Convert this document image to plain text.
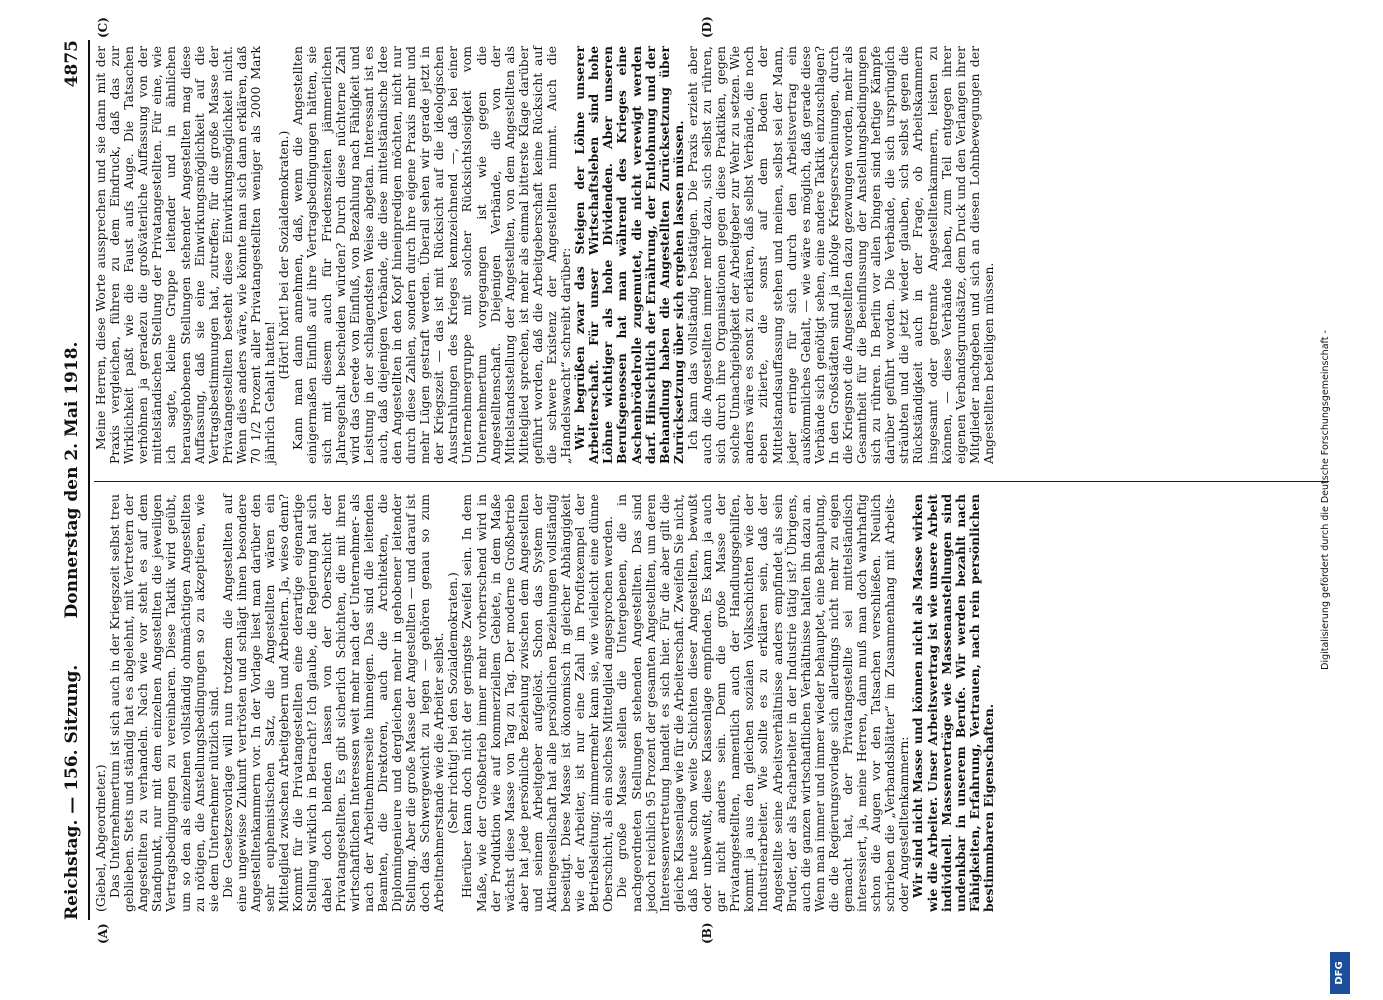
Reichstag. — 156. Sitzung.
Donnerstag den 2. Mai 1918.
4875
(A)	(B)
(C)	(D)

(Giebel, Abgeordneter.) Das Unternehmertum ist sich auch in der Kriegszeit selbst treu geblieben. Stets und ständig hat es abgelehnt, mit Vertretern der Angestellten zu verhandeln. Nach wie vor steht es auf dem Standpunkt, nur mit dem einzelnen Angestellten die jeweiligen Vertragsbedingungen zu vereinbaren. Diese Taktik wird geübt, um so den als einzelnen vollständig ohnmächtigen Angestellten zu nötigen, die Anstellungsbedingungen so zu akzeptieren, wie sie dem Unternehmer nützlich sind. Die Gesetzesvorlage will nun trotzdem die Angestellten auf eine ungewisse Zukunft vertrösten und schlägt ihnen besondere Angestelltenkammern vor. In der Vorlage liest man darüber den sehr euphemistischen Satz, die Angestellten wären ein Mittelglied zwischen Arbeitgebern und Arbeitern. Ja, wieso denn? Kommt für die Privatangestellten eine derartige eigenartige Stellung wirklich in Betracht? Ich glaube, die Regierung hat sich dabei doch blenden lassen von der Oberschicht der Privatangestellten. Es gibt sicherlich Schichten, die mit ihren wirtschaftlichen Interessen weit mehr nach der Unternehmer- als nach der Arbeitnehmerseite hinneigen. Das sind die leitenden Beamten, die Direktoren, auch die Architekten, die Diplomingenieure und dergleichen mehr in gehobener leitender Stellung. Aber die große Masse der Angestellten — und darauf ist doch das Schwergewicht zu legen — gehören genau so zum Arbeitnehmerstande wie die Arbeiter selbst. (Sehr richtig! bei den Sozialdemokraten.) Hierüber kann doch nicht der geringste Zweifel sein. In dem Maße, wie der Großbetrieb immer mehr vorherrschend wird in der Produktion wie auf kommerziellem Gebiete, in dem Maße wächst diese Masse von Tag zu Tag. Der moderne Großbetrieb aber hat jede persönliche Beziehung zwischen dem Angestellten und seinem Arbeitgeber aufgelöst. Schon das System der Aktiengesellschaft hat alle persönlichen Beziehungen vollständig beseitigt. Diese Masse ist ökonomisch in gleicher Abhängigkeit wie der Arbeiter, ist nur eine Zahl im Profitexempel der Betriebsleitung; nimmermehr kann sie, wie vielleicht eine dünne Oberschicht, als ein solches Mittelglied angesprochen werden. Die große Masse stellen die Untergebenen, die in nachgeordneten Stellungen stehenden Angestellten. Das sind jedoch reichlich 95 Prozent der gesamten Angestellten, um deren Interessenvertretung handelt es sich hier. Für die aber gilt die gleiche Klassenlage wie für die Arbeiterschaft. Zweifeln Sie nicht, daß heute schon weite Schichten dieser Angestellten, bewußt oder unbewußt, diese Klassenlage empfinden. Es kann ja auch gar nicht anders sein. Denn die große Masse der Privatangestellten, namentlich auch der Handlungsgehilfen, kommt ja aus den gleichen sozialen Volksschichten wie der Industriearbeiter. Wie sollte es zu erklären sein, daß der Angestellte seine Arbeitsverhältnisse anders empfindet als sein Bruder, der als Facharbeiter in der Industrie tätig ist? Übrigens, auch die ganzen wirtschaftlichen Verhältnisse halten ihn dazu an. Wenn man immer und immer wieder behauptet, eine Behauptung, die die Regierungsvorlage sich allerdings nicht mehr zu eigen gemacht hat, der Privatangestellte sei mittelständisch interessiert, ja, meine Herren, dann muß man doch wahrhaftig schon die Augen vor den Tatsachen verschließen. Neulich schrieben die „Verbandsblätter“ im Zusammenhang mit Arbeits- oder Angestelltenkammern: Wir sind nicht Masse und können nicht als Masse wirken wie die Arbeiter. Unser Arbeitsvertrag ist wie unsere Arbeit individuell. Massenverträge wie Massenanstellungen sind undenkbar in unserem Berufe. Wir werden bezahlt nach Fähigkeiten, Erfahrung, Vertrauen, nach rein persönlichen bestimmbaren Eigenschaften.

Meine Herren, diese Worte aussprechen und sie dann mit der Praxis vergleichen, führen zu dem Eindruck, daß das zur Wirklichkeit paßt wie die Faust aufs Auge. Die Tatsachen verhöhnen ja geradezu die großväterliche Auffassung von der mittelständischen Stellung der Privatangestellten. Für eine, wie ich sagte, kleine Gruppe leitender und in ähnlichen herausgehobenen Stellungen stehender Angestellten mag diese Auffassung, daß sie eine Einwirkungsmöglichkeit auf die Vertragsbestimmungen hat, zutreffen; für die große Masse der Privatangestellten besteht diese Einwirkungsmöglichkeit nicht. Wenn dies anders wäre, wie könnte man sich dann erklären, daß 70 1/2 Prozent aller Privatangestellten weniger als 2000 Mark jährlich Gehalt hatten!

(Hört! hört! bei der Sozialdemokraten.) Kann man dann annehmen, daß, wenn die Angestellten einigermaßen Einfluß auf ihre Vertragsbedingungen hätten, sie sich mit diesem auch für Friedenszeiten jämmerlichen Jahresgehalt bescheiden würden? Durch diese nüchterne Zahl wird das Gerede von Einfluß, von Bezahlung nach Fähigkeit und Leistung in der schlagendsten Weise abgetan. Interessant ist es auch, daß diejenigen Verbände, die diese mittelständische Idee den Angestellten in den Kopf hineinpredigen möchten, nicht nur durch diese Zahlen, sondern durch ihre eigene Praxis mehr und mehr Lügen gestraft werden. Überall sehen wir gerade jetzt in der Kriegszeit — das ist mit Rücksicht auf die ideologischen Ausstrahlungen des Krieges kennzeichnend —, daß bei einer Unternehmergruppe mit solcher Rücksichtslosigkeit vom Unternehmertum vorgegangen ist wie gegen die Angestelltenschaft. Diejenigen Verbände, die von der Mittelstandsstellung der Angestellten, von dem Angestellten als Mittelglied sprechen, ist mehr als einmal bitterste Klage darüber geführt worden, daß die Arbeitgeberschaft keine Rücksicht auf die schwere Existenz der Angestellten nimmt. Auch die „Handelswacht“ schreibt darüber: Wir begrüßen zwar das Steigen der Löhne unserer Arbeiterschaft. Für unser Wirtschaftsleben sind hohe Löhne wichtiger als hohe Dividenden. Aber unseren Berufsgenossen hat man während des Krieges eine Aschenbrödelrolle zugemutet, die nicht verewigt werden darf. Hinsichtlich der Ernährung, der Entlohnung und der Behandlung haben die Angestellten Zurücksetzung über Zurücksetzung über sich ergehen lassen müssen. Ich kann das vollständig bestätigen. Die Praxis erzieht aber auch die Angestellten immer mehr dazu, sich selbst zu rühren, sich durch ihre Organisationen gegen diese Praktiken, gegen solche Unnachgiebigkeit der Arbeitgeber zur Wehr zu setzen. Wie anders wäre es sonst zu erklären, daß selbst Verbände, die noch eben zitierte, die sonst auf dem Boden der Mittelstandsauffassung stehen und meinen, selbst sei der Mann, jeder erringe für sich durch den Arbeitsvertrag ein auskömmliches Gehalt, — wie wäre es möglich, daß gerade diese Verbände sich genötigt sehen, eine andere Taktik einzuschlagen? In den Großstädten sind ja infolge Kriegserscheinungen, durch die Kriegsnot die Angestellten dazu gezwungen worden, mehr als Gesamtheit für die Beeinflussung der Anstellungsbedingungen sich zu rühren. In Berlin vor allen Dingen sind heftige Kämpfe darüber geführt worden. Die Verbände, die sich ursprünglich sträubten und die jetzt wieder glauben, sich selbst gegen die Rückständigkeit auch in der Frage, ob Arbeitskammern insgesamt oder getrennte Angestelltenkammern, leisten zu können, — diese Verbände haben, zum Teil entgegen ihrer eigenen Verbandsgrundsätze, dem Druck und den Verlangen ihrer Mitglieder nachgeben und sich an diesen Lohnbewegungen der Angestellten beteiligen müssen.

DFG
Digitalisierung gefördert durch die Deutsche Forschungsgemeinschaft -
